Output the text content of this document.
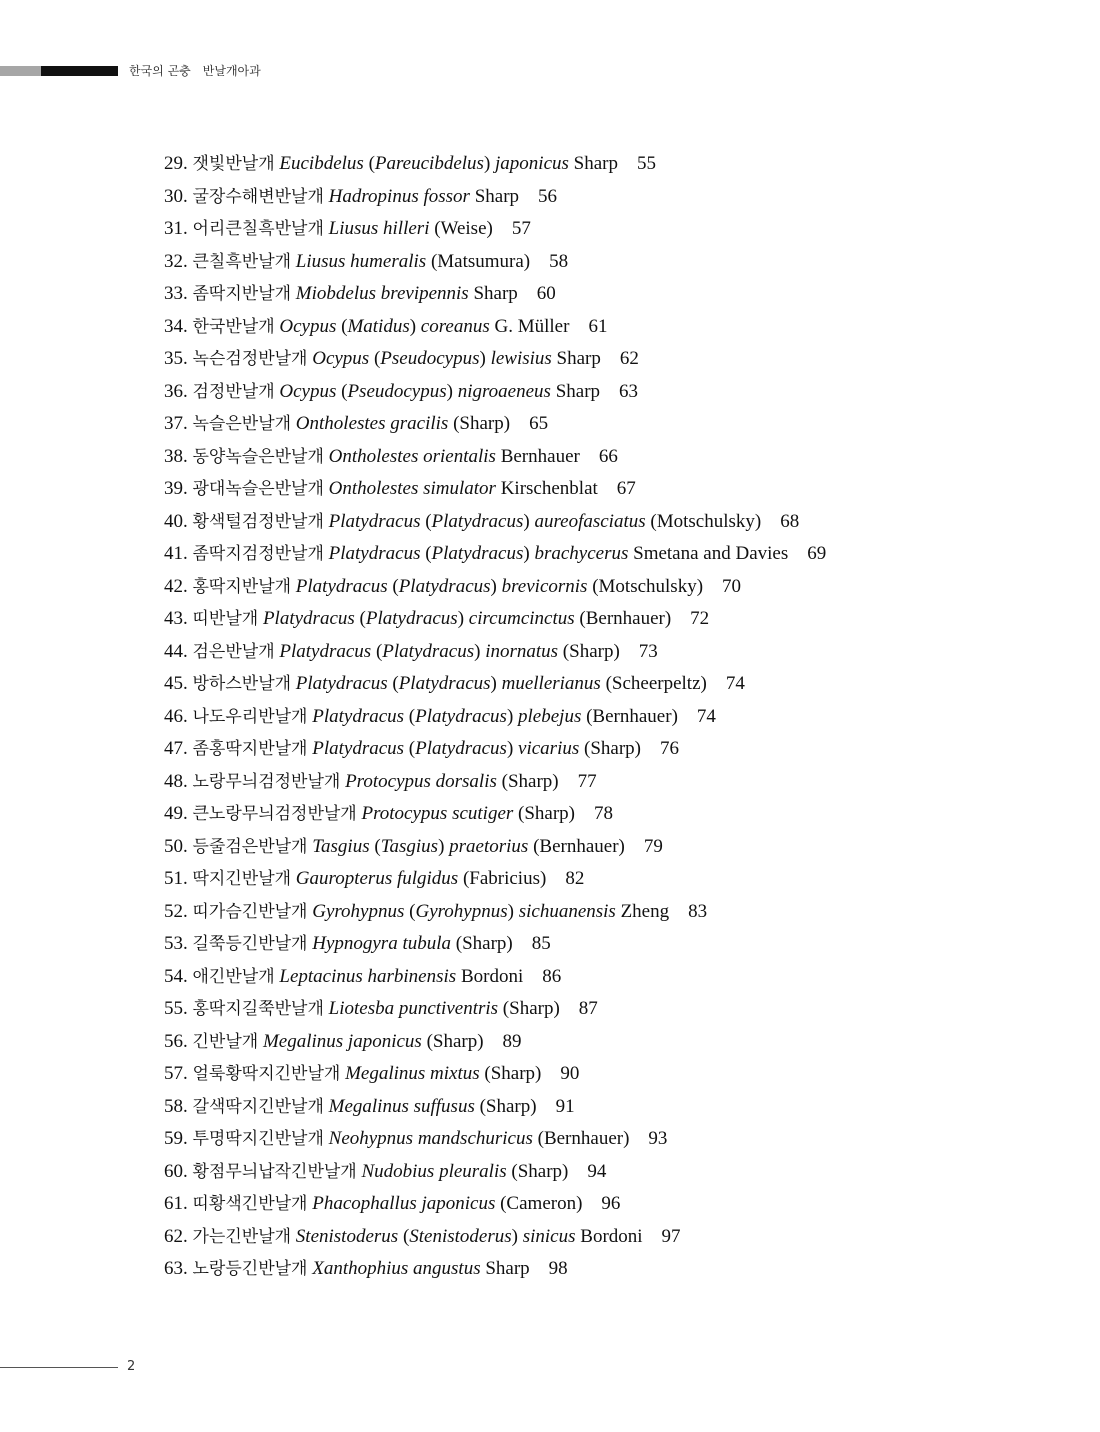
한국의 곤충 반날개아과
29. 잿빛반날개 Eucibdelus (Pareucibdelus) japonicus Sharp 55
30. 굴장수해변반날개 Hadropinus fossor Sharp 56
31. 어리큰칠흑반날개 Liusus hilleri (Weise) 57
32. 큰칠흑반날개 Liusus humeralis (Matsumura) 58
33. 좀딱지반날개 Miobdelus brevipennis Sharp 60
34. 한국반날개 Ocypus (Matidus) coreanus G. Müller 61
35. 녹슨검정반날개 Ocypus (Pseudocypus) lewisius Sharp 62
36. 검정반날개 Ocypus (Pseudocypus) nigroaeneus Sharp 63
37. 녹슬은반날개 Ontholestes gracilis (Sharp) 65
38. 동양녹슬은반날개 Ontholestes orientalis Bernhauer 66
39. 광대녹슬은반날개 Ontholestes simulator Kirschenblat 67
40. 황색털검정반날개 Platydracus (Platydracus) aureofasciatus (Motschulsky) 68
41. 좀딱지검정반날개 Platydracus (Platydracus) brachycerus Smetana and Davies 69
42. 홍딱지반날개 Platydracus (Platydracus) brevicornis (Motschulsky) 70
43. 띠반날개 Platydracus (Platydracus) circumcinctus (Bernhauer) 72
44. 검은반날개 Platydracus (Platydracus) inornatus (Sharp) 73
45. 방하스반날개 Platydracus (Platydracus) muellerianus (Scheerpeltz) 74
46. 나도우리반날개 Platydracus (Platydracus) plebejus (Bernhauer) 74
47. 좀홍딱지반날개 Platydracus (Platydracus) vicarius (Sharp) 76
48. 노랑무늬검정반날개 Protocypus dorsalis (Sharp) 77
49. 큰노랑무늬검정반날개 Protocypus scutiger (Sharp) 78
50. 등줄검은반날개 Tasgius (Tasgius) praetorius (Bernhauer) 79
51. 딱지긴반날개 Gauropterus fulgidus (Fabricius) 82
52. 띠가슴긴반날개 Gyrohypnus (Gyrohypnus) sichuanensis Zheng 83
53. 길쭉등긴반날개 Hypnogyra tubula (Sharp) 85
54. 애긴반날개 Leptacinus harbinensis Bordoni 86
55. 홍딱지길쭉반날개 Liotesba punctiventris (Sharp) 87
56. 긴반날개 Megalinus japonicus (Sharp) 89
57. 얼룩황딱지긴반날개 Megalinus mixtus (Sharp) 90
58. 갈색딱지긴반날개 Megalinus suffusus (Sharp) 91
59. 투명딱지긴반날개 Neohypnus mandschuricus (Bernhauer) 93
60. 황점무늬납작긴반날개 Nudobius pleuralis (Sharp) 94
61. 띠황색긴반날개 Phacophallus japonicus (Cameron) 96
62. 가는긴반날개 Stenistoderus (Stenistoderus) sinicus Bordoni 97
63. 노랑등긴반날개 Xanthophius angustus Sharp 98
2
